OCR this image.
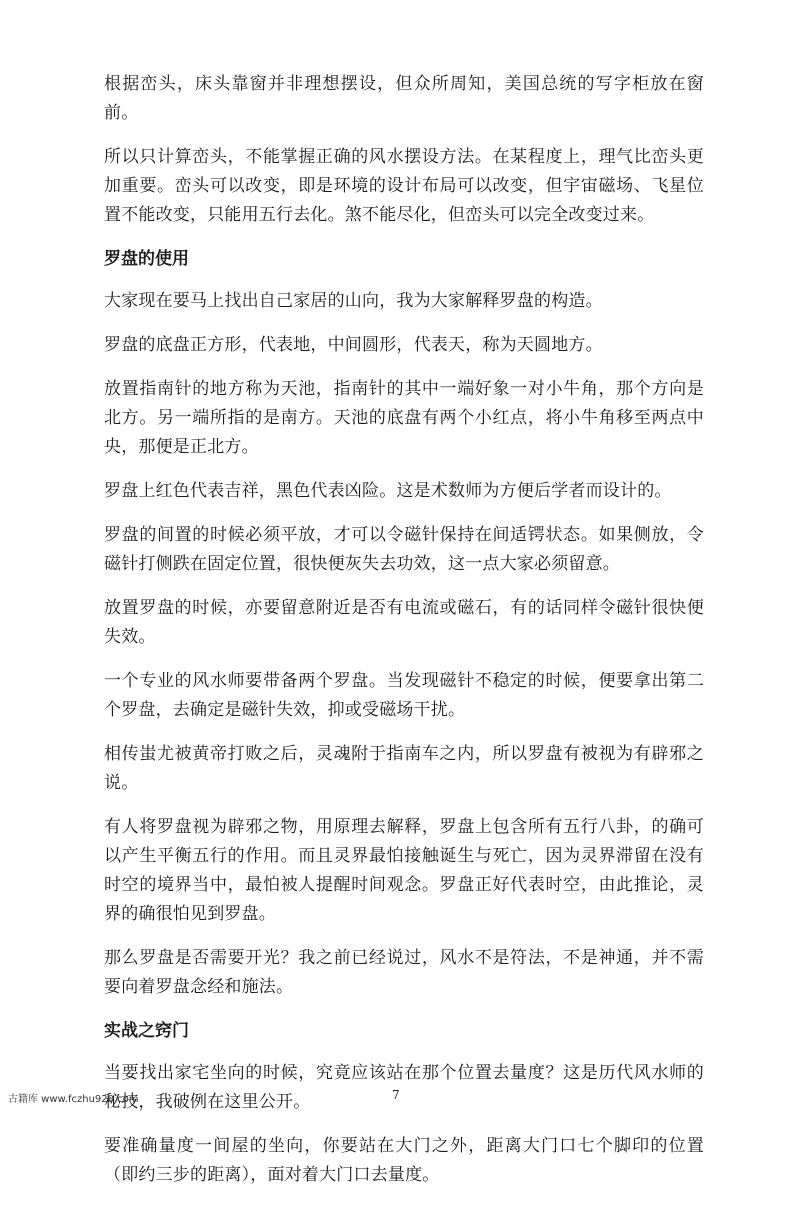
根据峦头，床头靠窗并非理想摆设，但众所周知，美国总统的写字柜放在窗前。

所以只计算峦头，不能掌握正确的风水摆设方法。在某程度上，理气比峦头更加重要。峦头可以改变，即是环境的设计布局可以改变，但宇宙磁场、飞星位置不能改变，只能用五行去化。煞不能尽化，但峦头可以完全改变过来。

罗盘的使用

大家现在要马上找出自己家居的山向，我为大家解释罗盘的构造。

罗盘的底盘正方形，代表地，中间圆形，代表天，称为天圆地方。

放置指南针的地方称为天池，指南针的其中一端好象一对小牛角，那个方向是北方。另一端所指的是南方。天池的底盘有两个小红点，将小牛角移至两点中央，那便是正北方。

罗盘上红色代表吉祥，黑色代表凶险。这是术数师为方便后学者而设计的。

罗盘的间置的时候必须平放，才可以令磁针保持在间适锷状态。如果侧放，令磁针打侧跌在固定位置，很快便灰失去功效，这一点大家必须留意。

放置罗盘的时候，亦要留意附近是否有电流或磁石，有的话同样令磁针很快便失效。

一个专业的风水师要带备两个罗盘。当发现磁针不稳定的时候，便要拿出第二个罗盘，去确定是磁针失效，抑或受磁场干扰。

相传蚩尤被黄帝打败之后，灵魂附于指南车之内，所以罗盘有被视为有辟邪之说。

有人将罗盘视为辟邪之物，用原理去解释，罗盘上包含所有五行八卦，的确可以产生平衡五行的作用。而且灵界最怕接触诞生与死亡，因为灵界滞留在没有时空的境界当中，最怕被人提醒时间观念。罗盘正好代表时空，由此推论，灵界的确很怕见到罗盘。

那么罗盘是否需要开光？我之前已经说过，风水不是符法，不是神通，并不需要向着罗盘念经和施法。

实战之窍门

当要找出家宅坐向的时候，究竟应该站在那个位置去量度？这是历代风水师的秘技，我破例在这里公开。

要准确量度一间屋的坐向，你要站在大门之外，距离大门口七个脚印的位置（即约三步的距离），面对着大门口去量度。

古籍库 www.fczhu920.com	7
